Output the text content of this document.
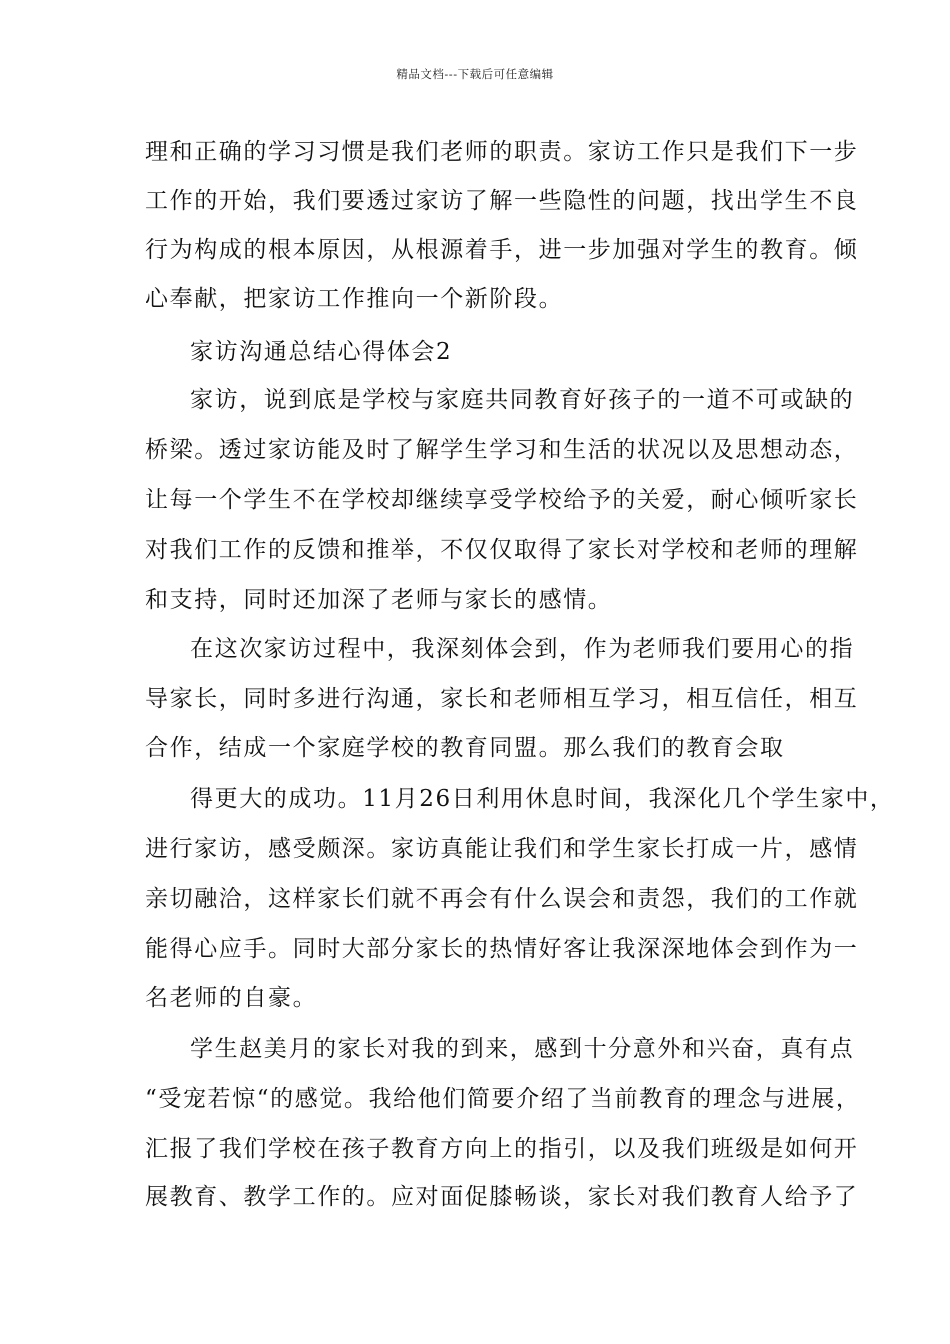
精品文档---下载后可任意编辑
理和正确的学习习惯是我们老师的职责。家访工作只是我们下一步
工作的开始，我们要透过家访了解一些隐性的问题，找出学生不良
行为构成的根本原因，从根源着手，进一步加强对学生的教育。倾
心奉献，把家访工作推向一个新阶段。
家访沟通总结心得体会2
家访，说到底是学校与家庭共同教育好孩子的一道不可或缺的
桥梁。透过家访能及时了解学生学习和生活的状况以及思想动态，
让每一个学生不在学校却继续享受学校给予的关爱，耐心倾听家长
对我们工作的反馈和推举，不仅仅取得了家长对学校和老师的理解
和支持，同时还加深了老师与家长的感情。
在这次家访过程中，我深刻体会到，作为老师我们要用心的指
导家长，同时多进行沟通，家长和老师相互学习，相互信任，相互
合作，结成一个家庭学校的教育同盟。那么我们的教育会取
得更大的成功。11月26日利用休息时间，我深化几个学生家中，
进行家访，感受颇深。家访真能让我们和学生家长打成一片，感情
亲切融洽，这样家长们就不再会有什么误会和责怨，我们的工作就
能得心应手。同时大部分家长的热情好客让我深深地体会到作为一
名老师的自豪。
学生赵美月的家长对我的到来，感到十分意外和兴奋，真有点
“受宠若惊“的感觉。我给他们简要介绍了当前教育的理念与进展，
汇报了我们学校在孩子教育方向上的指引，以及我们班级是如何开
展教育、教学工作的。应对面促膝畅谈，家长对我们教育人给予了
